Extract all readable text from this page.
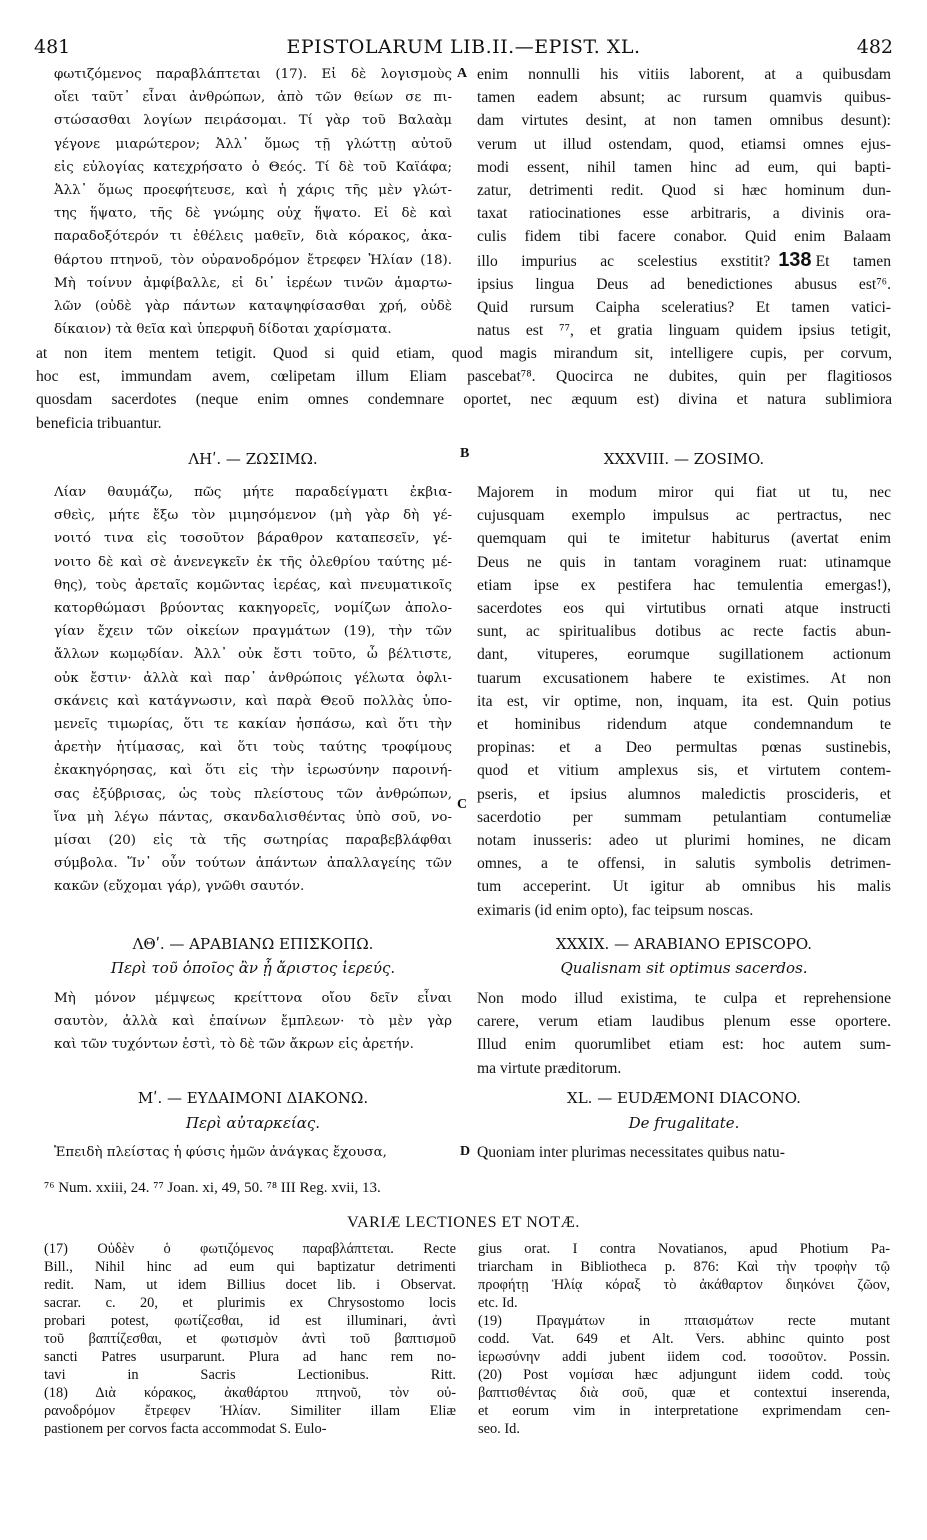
481	EPISTOLARUM LIB.II.—EPIST. XL.	482
φωτιζόμενος παραβλάπτεται (17). Εἰ δὲ λογισμοὺς
οἴει ταῦτ᾽ εἶναι ἀνθρώπων, ἀπὸ τῶν θείων σε πι-
στώσασθαι λογίων πειράσομαι. Τί γὰρ τοῦ Βαλαὰμ
γέγονε μιαρώτερον; Ἀλλ᾽ ὅμως τῇ γλώττῃ αὐτοῦ
εἰς εὐλογίας κατεχρήσατο ὁ Θεός. Τί δὲ τοῦ Καϊάφα;
Ἀλλ᾽ ὅμως προεφήτευσε, καὶ ἡ χάρις τῆς μὲν γλώτ-
της ἥψατο, τῆς δὲ γνώμης οὐχ ἥψατο. Εἰ δὲ καὶ
παραδοξότερόν τι ἐθέλεις μαθεῖν, διὰ κόρακος, ἀκα-
θάρτου πτηνοῦ, τὸν οὐρανοδρόμον ἔτρεφεν Ἠλίαν (18).
Μὴ τοίνυν ἀμφίβαλλε, εἰ δι᾽ ἱερέων τινῶν ἁμαρτω-
λῶν (οὐδὲ γὰρ πάντων καταψηφίσασθαι χρή, οὐδὲ
δίκαιον) τὰ θεῖα καὶ ὑπερφυῆ δίδοται χαρίσματα.
enim nonnulli his vitiis laborent, at a quibusdam
tamen eadem absunt; ac rursum quamvis quibus-
dam virtutes desint, at non tamen omnibus desunt):
verum ut illud ostendam, quod, etiamsi omnes ejus-
modi essent, nihil tamen hinc ad eum, qui bapti-
zatur, detrimenti redit. Quod si hæc hominum dun-
taxat ratiocinationes esse arbitraris, a divinis ora-
culis fidem tibi facere conabor. Quid enim Balaam
illo impurius ac scelestius exstitit? 138 Et tamen
ipsius lingua Deus ad benedictiones abusus est⁷⁶.
Quid rursum Caipha sceleratius? Et tamen vatici-
natus est ⁷⁷, et gratia linguam quidem ipsius tetigit,
A
at non item mentem tetigit. Quod si quid etiam, quod magis mirandum sit, intelligere cupis, per corvum,
hoc est, immundam avem, cœlipetam illum Eliam pascebat⁷⁸. Quocirca ne dubites, quin per flagitiosos
quosdam sacerdotes (neque enim omnes condemnare oportet, nec æquum est) divina et natura sublimiora
beneficia tribuantur.
ΛΗʹ. — ΖΩΣΙΜΩ.	B	XXXVIII. — ZOSIMO.
Λίαν θαυμάζω, πῶς μήτε παραδείγματι ἐκβια-
σθεὶς, μήτε ἔξω τὸν μιμησόμενον (μὴ γὰρ δὴ γέ-
νοιτό τινα εἰς τοσοῦτον βάραθρον καταπεσεῖν, γέ-
νοιτο δὲ καὶ σὲ ἀνενεγκεῖν ἐκ τῆς ὀλεθρίου ταύτης μέ-
θης), τοὺς ἀρεταῖς κομῶντας ἱερέας, καὶ πνευματικοῖς
κατορθώμασι βρύοντας κακηγορεῖς, νομίζων ἀπολο-
γίαν ἔχειν τῶν οἰκείων πραγμάτων (19), τὴν τῶν
ἄλλων κωμῳδίαν. Ἀλλ᾽ οὐκ ἔστι τοῦτο, ὦ βέλτιστε,
οὐκ ἔστιν· ἀλλὰ καὶ παρ᾽ ἀνθρώποις γέλωτα ὀφλι-
σκάνεις καὶ κατάγνωσιν, καὶ παρὰ Θεοῦ πολλὰς ὑπο-
μενεῖς τιμωρίας, ὅτι τε κακίαν ἠσπάσω, καὶ ὅτι τὴν
ἀρετὴν ἠτίμασας, καὶ ὅτι τοὺς ταύτης τροφίμους
ἐκακηγόρησας, καὶ ὅτι εἰς τὴν ἱερωσύνην παροινή-
σας ἐξύβρισας, ὡς τοὺς πλείστους τῶν ἀνθρώπων,
ἵνα μὴ λέγω πάντας, σκανδαλισθέντας ὑπὸ σοῦ, νο-
μίσαι (20) εἰς τὰ τῆς σωτηρίας παραβεβλάφθαι
σύμβολα. Ἵν᾽ οὖν τούτων ἁπάντων ἀπαλλαγείης τῶν
κακῶν (εὔχομαι γάρ), γνῶθι σαυτόν.
Majorem in modum miror qui fiat ut tu, nec
cujusquam exemplo impulsus ac pertractus, nec
quemquam qui te imitetur habiturus (avertat enim
Deus ne quis in tantam voraginem ruat: utinamque
etiam ipse ex pestifera hac temulentia emergas!),
sacerdotes eos qui virtutibus ornati atque instructi
sunt, ac spiritualibus dotibus ac recte factis abun-
dant, vituperes, eorumque sugillationem actionum
tuarum excusationem habere te existimes. At non
ita est, vir optime, non, inquam, ita est. Quin potius
et hominibus ridendum atque condemnandum te
propinas: et a Deo permultas pœnas sustinebis,
quod et vitium amplexus sis, et virtutem contem-
pseris, et ipsius alumnos maledictis proscideris, et
sacerdotio per summam petulantiam contumeliæ
notam inusseris: adeo ut plurimi homines, ne dicam
omnes, a te offensi, in salutis symbolis detrimen-
tum acceperint. Ut igitur ab omnibus his malis
eximaris (id enim opto), fac teipsum noscas.
C
ΛΘʹ. — ΑΡΑΒΙΑΝΩ ΕΠΙΣΚΟΠΩ.
Περὶ τοῦ ὁποῖος ἂν ᾖ ἄριστος ἱερεύς.
XXXIX. — ARABIANO EPISCOPO.
Qualisnam sit optimus sacerdos.
Μὴ μόνον μέμψεως κρείττονα οἴου δεῖν εἶναι
σαυτὸν, ἀλλὰ καὶ ἐπαίνων ἔμπλεων· τὸ μὲν γὰρ
καὶ τῶν τυχόντων ἐστὶ, τὸ δὲ τῶν ἄκρων εἰς ἀρετήν.
Non modo illud existima, te culpa et reprehensione
carere, verum etiam laudibus plenum esse oportere.
Illud enim quorumlibet etiam est: hoc autem sum-
ma virtute præditorum.
Μʹ. — ΕΥΔΑΙΜΟΝΙ ΔΙΑΚΟΝΩ.
Περὶ αὐταρκείας.
XL. — EUDÆMONI DIACONO.
De frugalitate.
Ἐπειδὴ πλείστας ἡ φύσις ἡμῶν ἀνάγκας ἔχουσα,	D Quoniam inter plurimas necessitates quibus natu-
⁷⁶ Num. xxiii, 24. ⁷⁷ Joan. xi, 49, 50. ⁷⁸ III Reg. xvii, 13.
VARIÆ LECTIONES ET NOTÆ.
(17) Οὐδὲν ὁ φωτιζόμενος παραβλάπτεται. Recte
Bill., Nihil hinc ad eum qui baptizatur detrimenti
redit. Nam, ut idem Billius docet lib. i Observat.
sacrar. c. 20, et plurimis ex Chrysostomo locis
probari potest, φωτίζεσθαι, id est illuminari, ἀντὶ
τοῦ βαπτίζεσθαι, et φωτισμὸν ἀντὶ τοῦ βαπτισμοῦ
sancti Patres usurparunt. Plura ad hanc rem no-
tavi in Sacris Lectionibus. Ritt.
(18) Διὰ κόρακος, ἀκαθάρτου πτηνοῦ, τὸν οὐ-
ρανοδρόμον ἔτρεφεν Ἠλίαν. Similiter illam Eliæ
pastionem per corvos facta accommodat S. Eulo-
gius orat. I contra Novatianos, apud Photium Pa-
triarcham in Bibliotheca p. 876: Καὶ τὴν τροφὴν τῷ
προφήτῃ Ἠλίᾳ κόραξ τὸ ἀκάθαρτον διηκόνει ζῶον,
etc. Id.
(19) Πραγμάτων in πταισμάτων recte mutant
codd. Vat. 649 et Alt. Vers. abhinc quinto post
ἱερωσύνην addi jubent iidem cod. τοσοῦτον. Possin.
(20) Post νομίσαι hæc adjungunt iidem codd. τοὺς
βαπτισθέντας διὰ σοῦ, quæ et contextui inserenda,
et eorum vim in interpretatione exprimendam cen-
seo. Id.
